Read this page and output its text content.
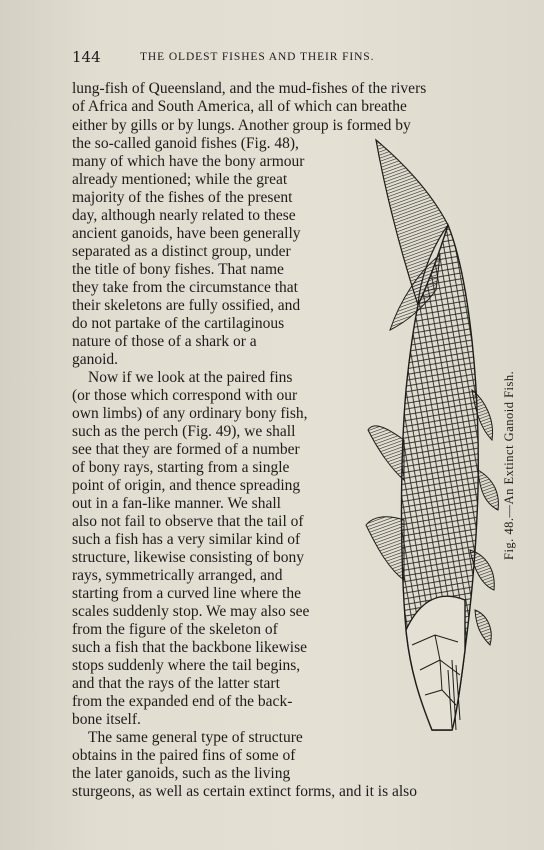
144	THE OLDEST FISHES AND THEIR FINS.
lung-fish of Queensland, and the mud-fishes of the rivers
of Africa and South America, all of which can breathe
either by gills or by lungs. Another group is formed by
the so-called ganoid fishes (Fig. 48),
many of which have the bony armour
already mentioned; while the great
majority of the fishes of the present
day, although nearly related to these
ancient ganoids, have been generally
separated as a distinct group, under
the title of bony fishes. That name
they take from the circumstance that
their skeletons are fully ossified, and
do not partake of the cartilaginous
nature of those of a shark or a
ganoid.
Now if we look at the paired fins
(or those which correspond with our
own limbs) of any ordinary bony fish,
such as the perch (Fig. 49), we shall
see that they are formed of a number
of bony rays, starting from a single
point of origin, and thence spreading
out in a fan-like manner. We shall
also not fail to observe that the tail of
such a fish has a very similar kind of
structure, likewise consisting of bony
rays, symmetrically arranged, and
starting from a curved line where the
scales suddenly stop. We may also see
from the figure of the skeleton of
such a fish that the backbone likewise
stops suddenly where the tail begins,
and that the rays of the latter start
from the expanded end of the back-
bone itself.
The same general type of structure
obtains in the paired fins of some of
the later ganoids, such as the living
sturgeons, as well as certain extinct forms, and it is also
Fig. 48.—An Extinct Ganoid Fish.
